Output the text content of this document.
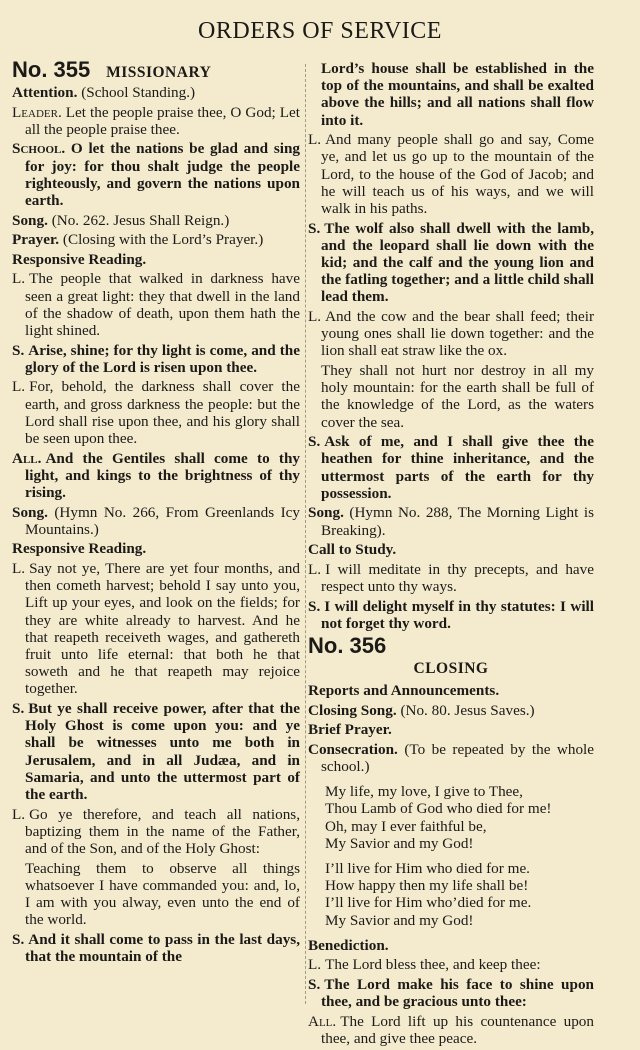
ORDERS OF SERVICE
No. 355 MISSIONARY

Attention. (School Standing.)

Leader. Let the people praise thee, O God; Let all the people praise thee.

School. O let the nations be glad and sing for joy: for thou shalt judge the people righteously, and govern the nations upon earth.

Song. (No. 262. Jesus Shall Reign.)

Prayer. (Closing with the Lord’s Prayer.)

Responsive Reading.

L. The people that walked in darkness have seen a great light: they that dwell in the land of the shadow of death, upon them hath the light shined.

S. Arise, shine; for thy light is come, and the glory of the Lord is risen upon thee.

L. For, behold, the darkness shall cover the earth, and gross darkness the people: but the Lord shall rise upon thee, and his glory shall be seen upon thee.

All. And the Gentiles shall come to thy light, and kings to the brightness of thy rising.

Song. (Hymn No. 266, From Greenlands Icy Mountains.)

Responsive Reading.

L. Say not ye, There are yet four months, and then cometh harvest; behold I say unto you, Lift up your eyes, and look on the fields; for they are white already to harvest. And he that reapeth receiveth wages, and gathereth fruit unto life eternal: that both he that soweth and he that reapeth may rejoice together.

S. But ye shall receive power, after that the Holy Ghost is come upon you: and ye shall be witnesses unto me both in Jerusalem, and in all Judæa, and in Samaria, and unto the uttermost part of the earth.

L. Go ye therefore, and teach all nations, baptizing them in the name of the Father, and of the Son, and of the Holy Ghost:

Teaching them to observe all things whatsoever I have commanded you: and, lo, I am with you alway, even unto the end of the world.

S. And it shall come to pass in the last days, that the mountain of the

Lord’s house shall be established in the top of the mountains, and shall be exalted above the hills; and all nations shall flow into it.

L. And many people shall go and say, Come ye, and let us go up to the mountain of the Lord, to the house of the God of Jacob; and he will teach us of his ways, and we will walk in his paths.

S. The wolf also shall dwell with the lamb, and the leopard shall lie down with the kid; and the calf and the young lion and the fatling together; and a little child shall lead them.

L. And the cow and the bear shall feed; their young ones shall lie down together: and the lion shall eat straw like the ox.

They shall not hurt nor destroy in all my holy mountain: for the earth shall be full of the knowledge of the Lord, as the waters cover the sea.

S. Ask of me, and I shall give thee the heathen for thine inheritance, and the uttermost parts of the earth for thy possession.

Song. (Hymn No. 288, The Morning Light is Breaking).

Call to Study.

L. I will meditate in thy precepts, and have respect unto thy ways.

S. I will delight myself in thy statutes: I will not forget thy word.

No. 356

CLOSING

Reports and Announcements.

Closing Song. (No. 80. Jesus Saves.)

Brief Prayer.

Consecration. (To be repeated by the whole school.)

My life, my love, I give to Thee,
Thou Lamb of God who died for me!
Oh, may I ever faithful be,
My Savior and my God!
I’ll live for Him who died for me.
How happy then my life shall be!
I’ll live for Him who’died for me.
My Savior and my God!

Benediction.

L. The Lord bless thee, and keep thee:

S. The Lord make his face to shine upon thee, and be gracious unto thee:

All. The Lord lift up his countenance upon thee, and give thee peace.
